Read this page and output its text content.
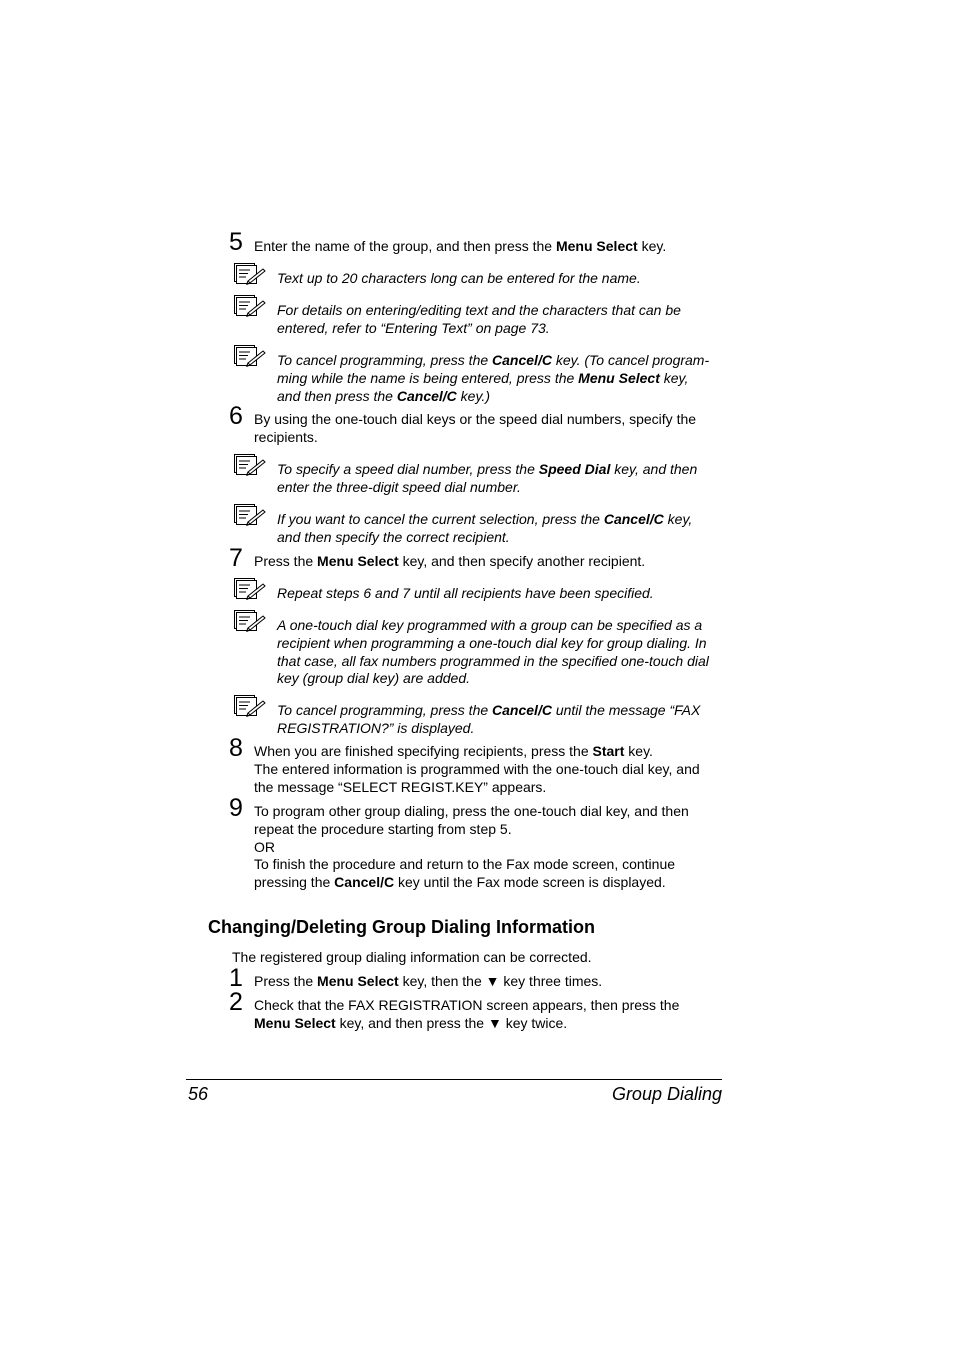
5 Enter the name of the group, and then press the Menu Select key.
Text up to 20 characters long can be entered for the name.
For details on entering/editing text and the characters that can be
entered, refer to “Entering Text” on page 73.
To cancel programming, press the Cancel/C key. (To cancel program-
ming while the name is being entered, press the Menu Select key,
and then press the Cancel/C key.)
6 By using the one-touch dial keys or the speed dial numbers, specify the
recipients.
To specify a speed dial number, press the Speed Dial key, and then
enter the three-digit speed dial number.
If you want to cancel the current selection, press the Cancel/C key,
and then specify the correct recipient.
7 Press the Menu Select key, and then specify another recipient.
Repeat steps 6 and 7 until all recipients have been specified.
A one-touch dial key programmed with a group can be specified as a
recipient when programming a one-touch dial key for group dialing. In
that case, all fax numbers programmed in the specified one-touch dial
key (group dial key) are added.
To cancel programming, press the Cancel/C until the message “FAX
REGISTRATION?” is displayed.
8 When you are finished specifying recipients, press the Start key.
The entered information is programmed with the one-touch dial key, and
the message “SELECT REGIST.KEY” appears.
9 To program other group dialing, press the one-touch dial key, and then
repeat the procedure starting from step 5.
OR
To finish the procedure and return to the Fax mode screen, continue
pressing the Cancel/C key until the Fax mode screen is displayed.
Changing/Deleting Group Dialing Information
The registered group dialing information can be corrected.
1 Press the Menu Select key, then the ▼ key three times.
2 Check that the FAX REGISTRATION screen appears, then press the
Menu Select key, and then press the ▼ key twice.
56	Group Dialing
